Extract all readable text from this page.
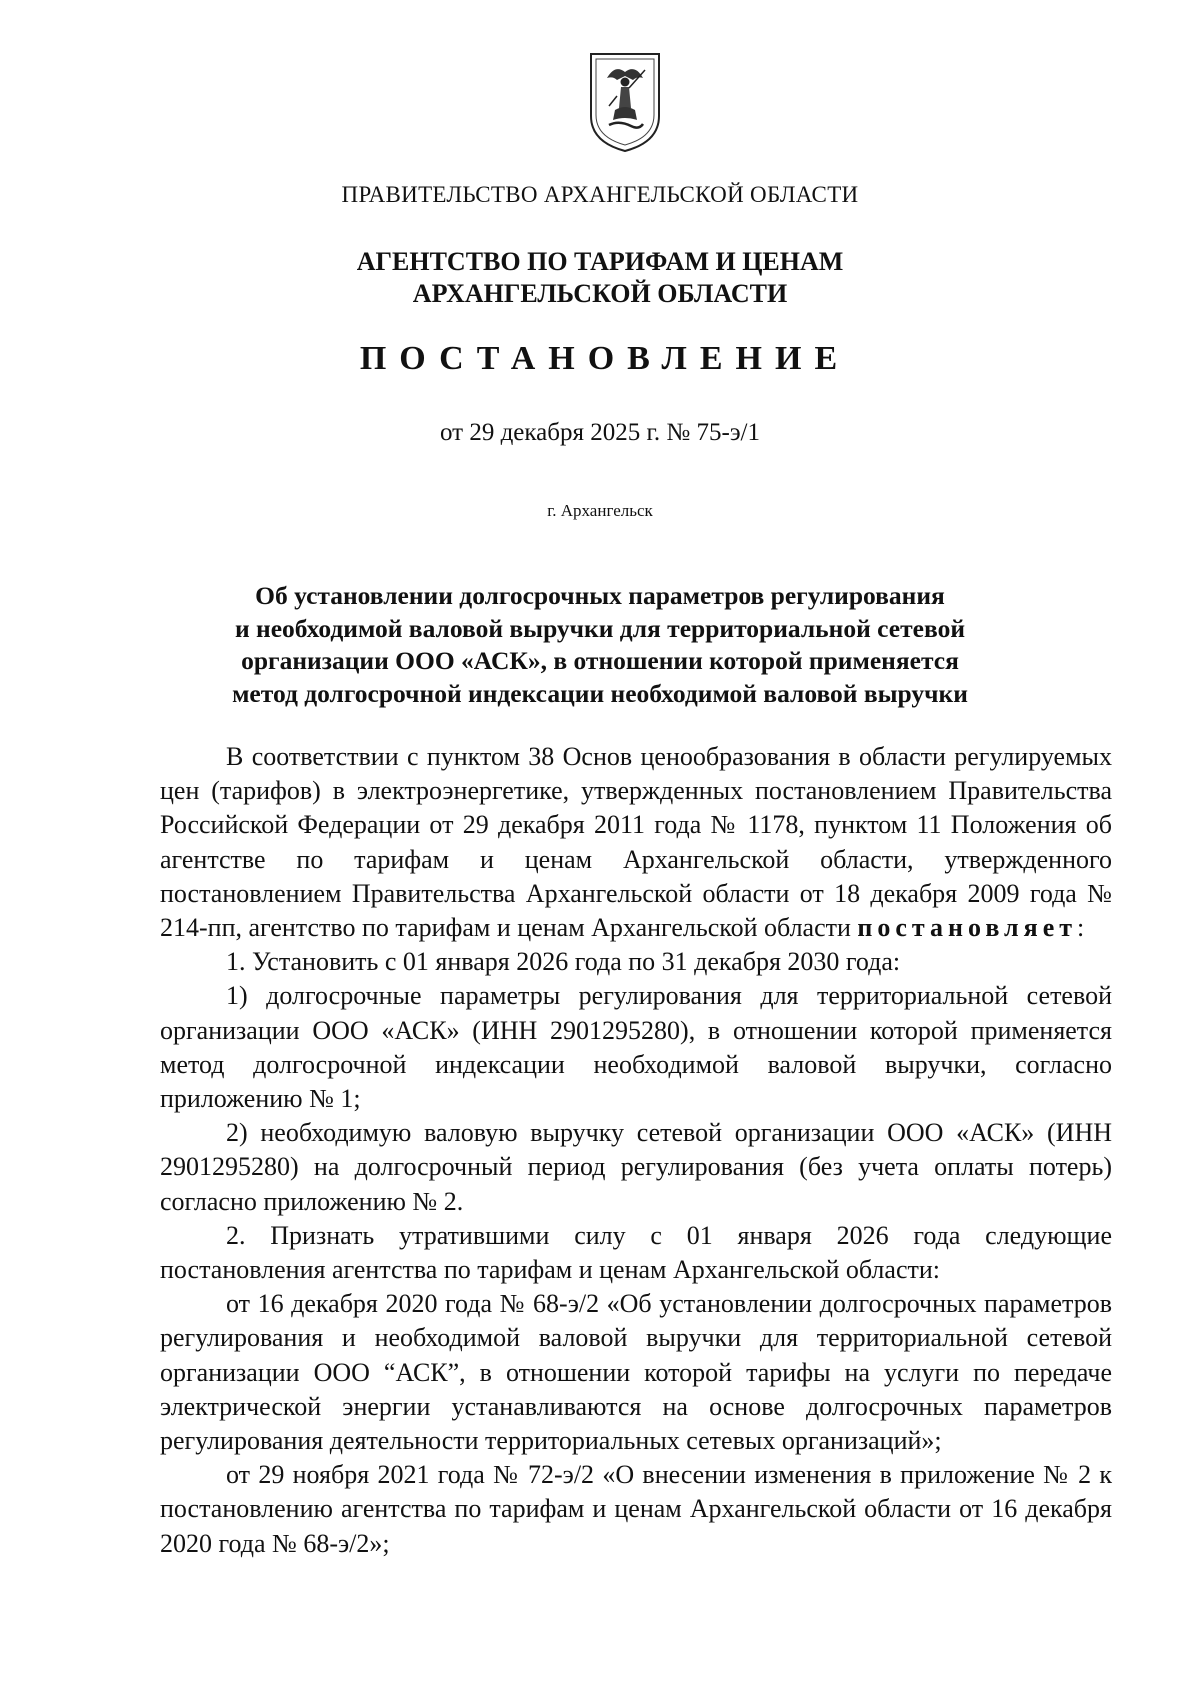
ПРАВИТЕЛЬСТВО АРХАНГЕЛЬСКОЙ ОБЛАСТИ
АГЕНТСТВО ПО ТАРИФАМ И ЦЕНАМ
АРХАНГЕЛЬСКОЙ ОБЛАСТИ
ПОСТАНОВЛЕНИЕ
от 29 декабря 2025 г. № 75-э/1
г. Архангельск
Об установлении долгосрочных параметров регулирования
и необходимой валовой выручки для территориальной сетевой
организации ООО «АСК», в отношении которой применяется
метод долгосрочной индексации необходимой валовой выручки

В соответствии с пунктом 38 Основ ценообразования в области регулируемых цен (тарифов) в электроэнергетике, утвержденных постановлением Правительства Российской Федерации от 29 декабря 2011 года № 1178, пунктом 11 Положения об агентстве по тарифам и ценам Архангельской области, утвержденного постановлением Правительства Архангельской области от 18 декабря 2009 года № 214-пп, агентство по тарифам и ценам Архангельской области постановляет:

1. Установить с 01 января 2026 года по 31 декабря 2030 года:

1) долгосрочные параметры регулирования для территориальной сетевой организации ООО «АСК» (ИНН 2901295280), в отношении которой применяется метод долгосрочной индексации необходимой валовой выручки, согласно приложению № 1;

2) необходимую валовую выручку сетевой организации ООО «АСК» (ИНН 2901295280) на долгосрочный период регулирования (без учета оплаты потерь) согласно приложению № 2.

2. Признать утратившими силу с 01 января 2026 года следующие постановления агентства по тарифам и ценам Архангельской области:

от 16 декабря 2020 года № 68-э/2 «Об установлении долгосрочных параметров регулирования и необходимой валовой выручки для территориальной сетевой организации ООО “АСК”, в отношении которой тарифы на услуги по передаче электрической энергии устанавливаются на основе долгосрочных параметров регулирования деятельности территориальных сетевых организаций»;

от 29 ноября 2021 года № 72-э/2 «О внесении изменения в приложение № 2 к постановлению агентства по тарифам и ценам Архангельской области от 16 декабря 2020 года № 68-э/2»;
